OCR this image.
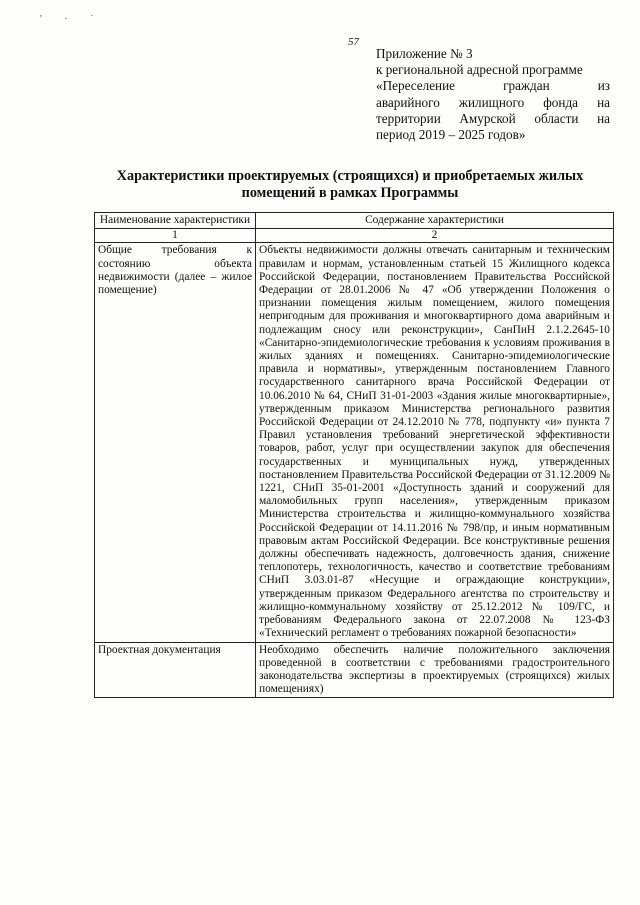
' · ˙
57
Приложение № 3
к региональной адресной программе
«Переселение граждан из
аварийного жилищного фонда на
территории Амурской области на
период 2019 – 2025 годов»
Характеристики проектируемых (строящихся) и приобретаемых жилых
помещений в рамках Программы
Наименование характеристики	Содержание характеристики
1	2
Общие требования к состоянию объекта недвижимости (далее – жилое помещение)	Объекты недвижимости должны отвечать санитарным и техническим правилам и нормам, установленным статьей 15 Жилищного кодекса Российской Федерации, постановлением Правительства Российской Федерации от 28.01.2006 № 47 «Об утверждении Положения о признании помещения жилым помещением, жилого помещения непригодным для проживания и многоквартирного дома аварийным и подлежащим сносу или реконструкции», СанПиН 2.1.2.2645-10 «Санитарно-эпидемиологические требования к условиям проживания в жилых зданиях и помещениях. Санитарно-эпидемиологические правила и нормативы», утвержденным постановлением Главного государственного санитарного врача Российской Федерации от 10.06.2010 № 64, СНиП 31-01-2003 «Здания жилые многоквартирные», утвержденным приказом Министерства регионального развития Российской Федерации от 24.12.2010 № 778, подпункту «и» пункта 7 Правил установления требований энергетической эффективности товаров, работ, услуг при осуществлении закупок для обеспечения государственных и муниципальных нужд, утвержденных постановлением Правительства Российской Федерации от 31.12.2009 № 1221, СНиП 35-01-2001 «Доступность зданий и сооружений для маломобильных групп населения», утвержденным приказом Министерства строительства и жилищно-коммунального хозяйства Российской Федерации от 14.11.2016 № 798/пр, и иным нормативным правовым актам Российской Федерации. Все конструктивные решения должны обеспечивать надежность, долговечность здания, снижение теплопотерь, технологичность, качество и соответствие требованиям СНиП 3.03.01-87 «Несущие и ограждающие конструкции», утвержденным приказом Федерального агентства по строительству и жилищно-коммунальному хозяйству от 25.12.2012 № 109/ГС, и требованиям Федерального закона от 22.07.2008 № 123-ФЗ «Технический регламент о требованиях пожарной безопасности»
Проектная документация	Необходимо обеспечить наличие положительного заключения проведенной в соответствии с требованиями градостроительного законодательства экспертизы в проектируемых (строящихся) жилых помещениях)
